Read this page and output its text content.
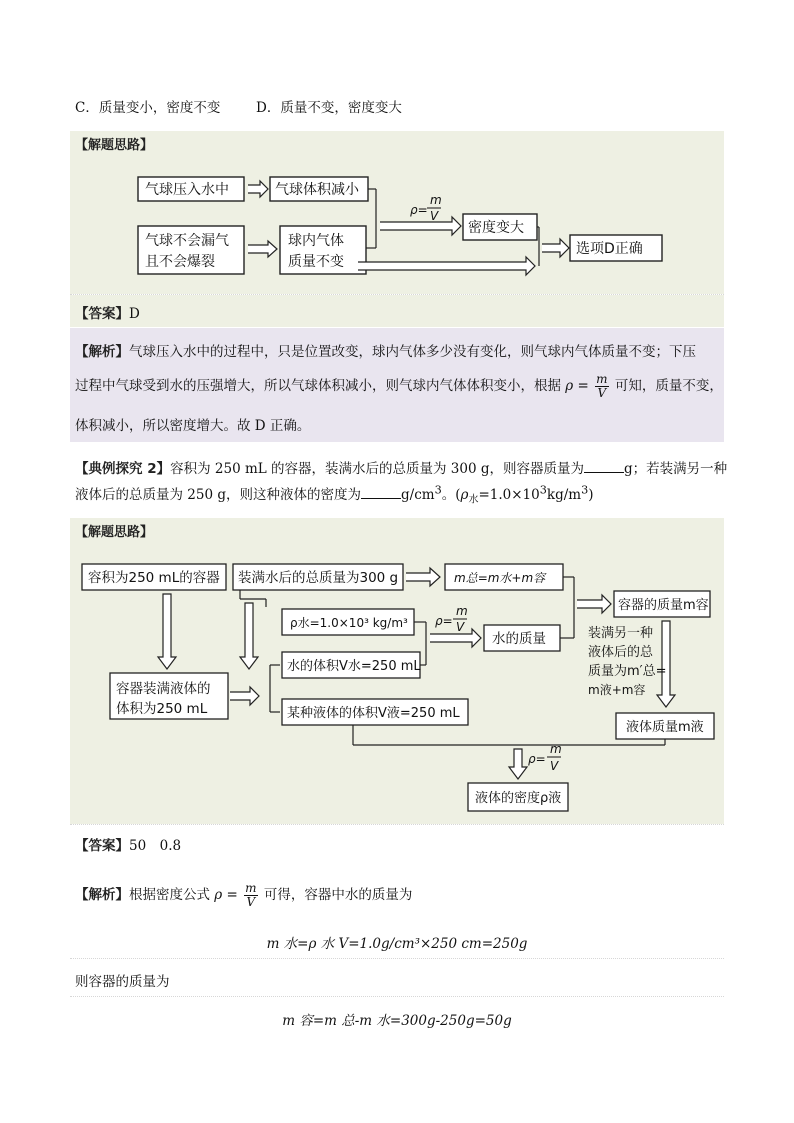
C．质量变小，密度不变	D．质量不变，密度变大
【解题思路】
气球压入水中	气球体积减小
气球不会漏气
且不会爆裂
球内气体
质量不变
密度变大
选项D正确
ρ=
m
V
【答案】D
【解析】气球压入水中的过程中，只是位置改变，球内气体多少没有变化，则气球内气体质量不变；下压
过程中气球受到水的压强增大，所以气球体积减小，则气球内气体体积变小，根据 $\rho = \frac{m}{V}$ 可知，质量不变，
体积减小，所以密度增大。故 D 正确。
【典例探究 2】容积为 250 mL 的容器，装满水后的总质量为 300 g，则容器质量为	g；若装满另一种
液体后的总质量为 250 g，则这种液体的密度为	$g/cm^3$。$(\rho_水=1.0\times 10^3kg/m^3)$
【解题思路】
容积为250 mL的容器 装满水后的总质量为300 g	m总=m水+m容
容器的质量m容
ρ水=1.0×10³ kg/m³
水的质量
水的体积V水=250 mL
容器装满液体的
体积为250 mL	某种液体的体积V液=250 mL
装满另一种
液体后的总
质量为m′总=
m液+m容
液体质量m液
液体的密度ρ液
ρ=
m
V
ρ=
m
V
【答案】50　0.8
【解析】根据密度公式 $\rho = \frac{m}{V}$ 可得，容器中水的质量为
m 水=ρ 水 V=1.0g/cm³×250 cm=250g
则容器的质量为
m 容=m 总-m 水=300g-250g=50g
